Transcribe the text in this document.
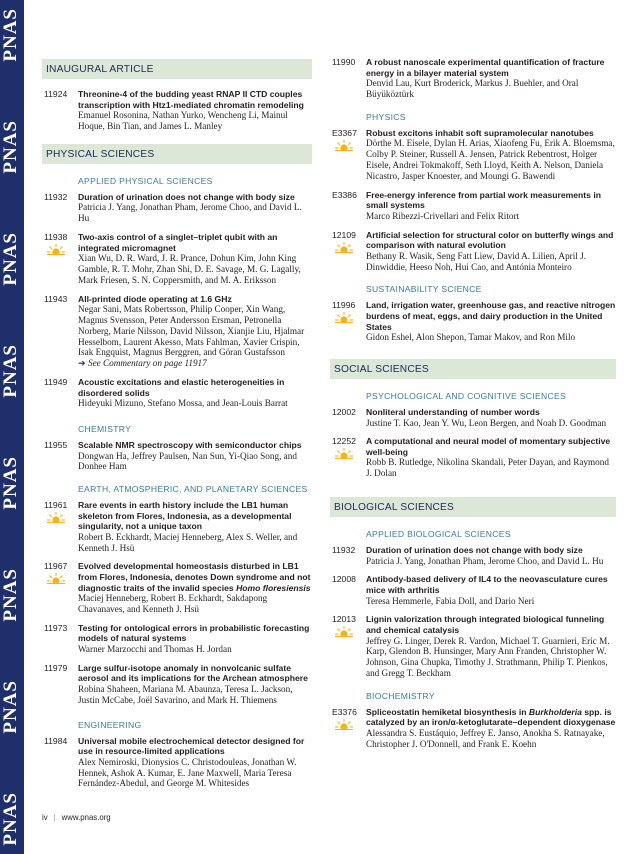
PNAS
PNAS
PNAS
PNAS
PNAS
PNAS
PNAS
PNAS
INAUGURAL ARTICLE
11924 Threonine-4 of the budding yeast RNAP II CTD couples transcription with Htz1-mediated chromatin remodeling
Emanuel Rosonina, Nathan Yurko, Wencheng Li, Mainul Hoque, Bin Tian, and James L. Manley
PHYSICAL SCIENCES
APPLIED PHYSICAL SCIENCES
11932 Duration of urination does not change with body size
Patricia J. Yang, Jonathan Pham, Jerome Choo, and David L. Hu
11938 Two-axis control of a singlet–triplet qubit with an integrated micromagnet
Xian Wu, D. R. Ward, J. R. Prance, Dohun Kim, John King Gamble, R. T. Mohr, Zhan Shi, D. E. Savage, M. G. Lagally, Mark Friesen, S. N. Coppersmith, and M. A. Eriksson
11943 All-printed diode operating at 1.6 GHz
Negar Sani, Mats Robertsson, Philip Cooper, Xin Wang, Magnus Svensson, Peter Andersson Ersman, Petronella Norberg, Marie Nilsson, David Nilsson, Xianjie Liu, Hjalmar Hesselbom, Laurent Akesso, Mats Fahlman, Xavier Crispin, Isak Engquist, Magnus Berggren, and Göran Gustafsson
➔ See Commentary on page 11917
11949 Acoustic excitations and elastic heterogeneities in disordered solids
Hideyuki Mizuno, Stefano Mossa, and Jean-Louis Barrat
CHEMISTRY
11955 Scalable NMR spectroscopy with semiconductor chips
Dongwan Ha, Jeffrey Paulsen, Nan Sun, Yi-Qiao Song, and Donhee Ham
EARTH, ATMOSPHERIC, AND PLANETARY SCIENCES
11961 Rare events in earth history include the LB1 human skeleton from Flores, Indonesia, as a developmental singularity, not a unique taxon
Robert B. Eckhardt, Maciej Henneberg, Alex S. Weller, and Kenneth J. Hsü
11967 Evolved developmental homeostasis disturbed in LB1 from Flores, Indonesia, denotes Down syndrome and not diagnostic traits of the invalid species Homo floresiensis
Maciej Henneberg, Robert B. Eckhardt, Sakdapong Chavanaves, and Kenneth J. Hsü
11973 Testing for ontological errors in probabilistic forecasting models of natural systems
Warner Marzocchi and Thomas H. Jordan
11979 Large sulfur-isotope anomaly in nonvolcanic sulfate aerosol and its implications for the Archean atmosphere
Robina Shaheen, Mariana M. Abaunza, Teresa L. Jackson, Justin McCabe, Joël Savarino, and Mark H. Thiemens
ENGINEERING
11984 Universal mobile electrochemical detector designed for use in resource-limited applications
Alex Nemiroski, Dionysios C. Christodouleas, Jonathan W. Hennek, Ashok A. Kumar, E. Jane Maxwell, Maria Teresa Fernández-Abedul, and George M. Whitesides
11990 A robust nanoscale experimental quantification of fracture energy in a bilayer material system
Denvid Lau, Kurt Broderick, Markus J. Buehler, and Oral Büyüköztürk
PHYSICS
E3367 Robust excitons inhabit soft supramolecular nanotubes
Dörthe M. Eisele, Dylan H. Arias, Xiaofeng Fu, Erik A. Bloemsma, Colby P. Steiner, Russell A. Jensen, Patrick Rebentrost, Holger Eisele, Andrei Tokmakoff, Seth Lloyd, Keith A. Nelson, Daniela Nicastro, Jasper Knoester, and Moungi G. Bawendi
E3386 Free-energy inference from partial work measurements in small systems
Marco Ribezzi-Crivellari and Felix Ritort
12109 Artificial selection for structural color on butterfly wings and comparison with natural evolution
Bethany R. Wasik, Seng Fatt Liew, David A. Lilien, April J. Dinwiddie, Heeso Noh, Hui Cao, and Antónia Monteiro
SUSTAINABILITY SCIENCE
11996 Land, irrigation water, greenhouse gas, and reactive nitrogen burdens of meat, eggs, and dairy production in the United States
Gidon Eshel, Alon Shepon, Tamar Makov, and Ron Milo
SOCIAL SCIENCES
PSYCHOLOGICAL AND COGNITIVE SCIENCES
12002 Nonliteral understanding of number words
Justine T. Kao, Jean Y. Wu, Leon Bergen, and Noah D. Goodman
12252 A computational and neural model of momentary subjective well-being
Robb B. Rutledge, Nikolina Skandali, Peter Dayan, and Raymond J. Dolan
BIOLOGICAL SCIENCES
APPLIED BIOLOGICAL SCIENCES
11932 Duration of urination does not change with body size
Patricia J. Yang, Jonathan Pham, Jerome Choo, and David L. Hu
12008 Antibody-based delivery of IL4 to the neovasculature cures mice with arthritis
Teresa Hemmerle, Fabia Doll, and Dario Neri
12013 Lignin valorization through integrated biological funneling and chemical catalysis
Jeffrey G. Linger, Derek R. Vardon, Michael T. Guarnieri, Eric M. Karp, Glendon B. Hunsinger, Mary Ann Franden, Christopher W. Johnson, Gina Chupka, Timothy J. Strathmann, Philip T. Pienkos, and Gregg T. Beckham
BIOCHEMISTRY
E3376 Spliceostatin hemiketal biosynthesis in Burkholderia spp. is catalyzed by an iron/α-ketoglutarate–dependent dioxygenase
Alessandra S. Eustáquio, Jeffrey E. Janso, Anokha S. Ratnayake, Christopher J. O'Donnell, and Frank E. Koehn
iv | www.pnas.org
